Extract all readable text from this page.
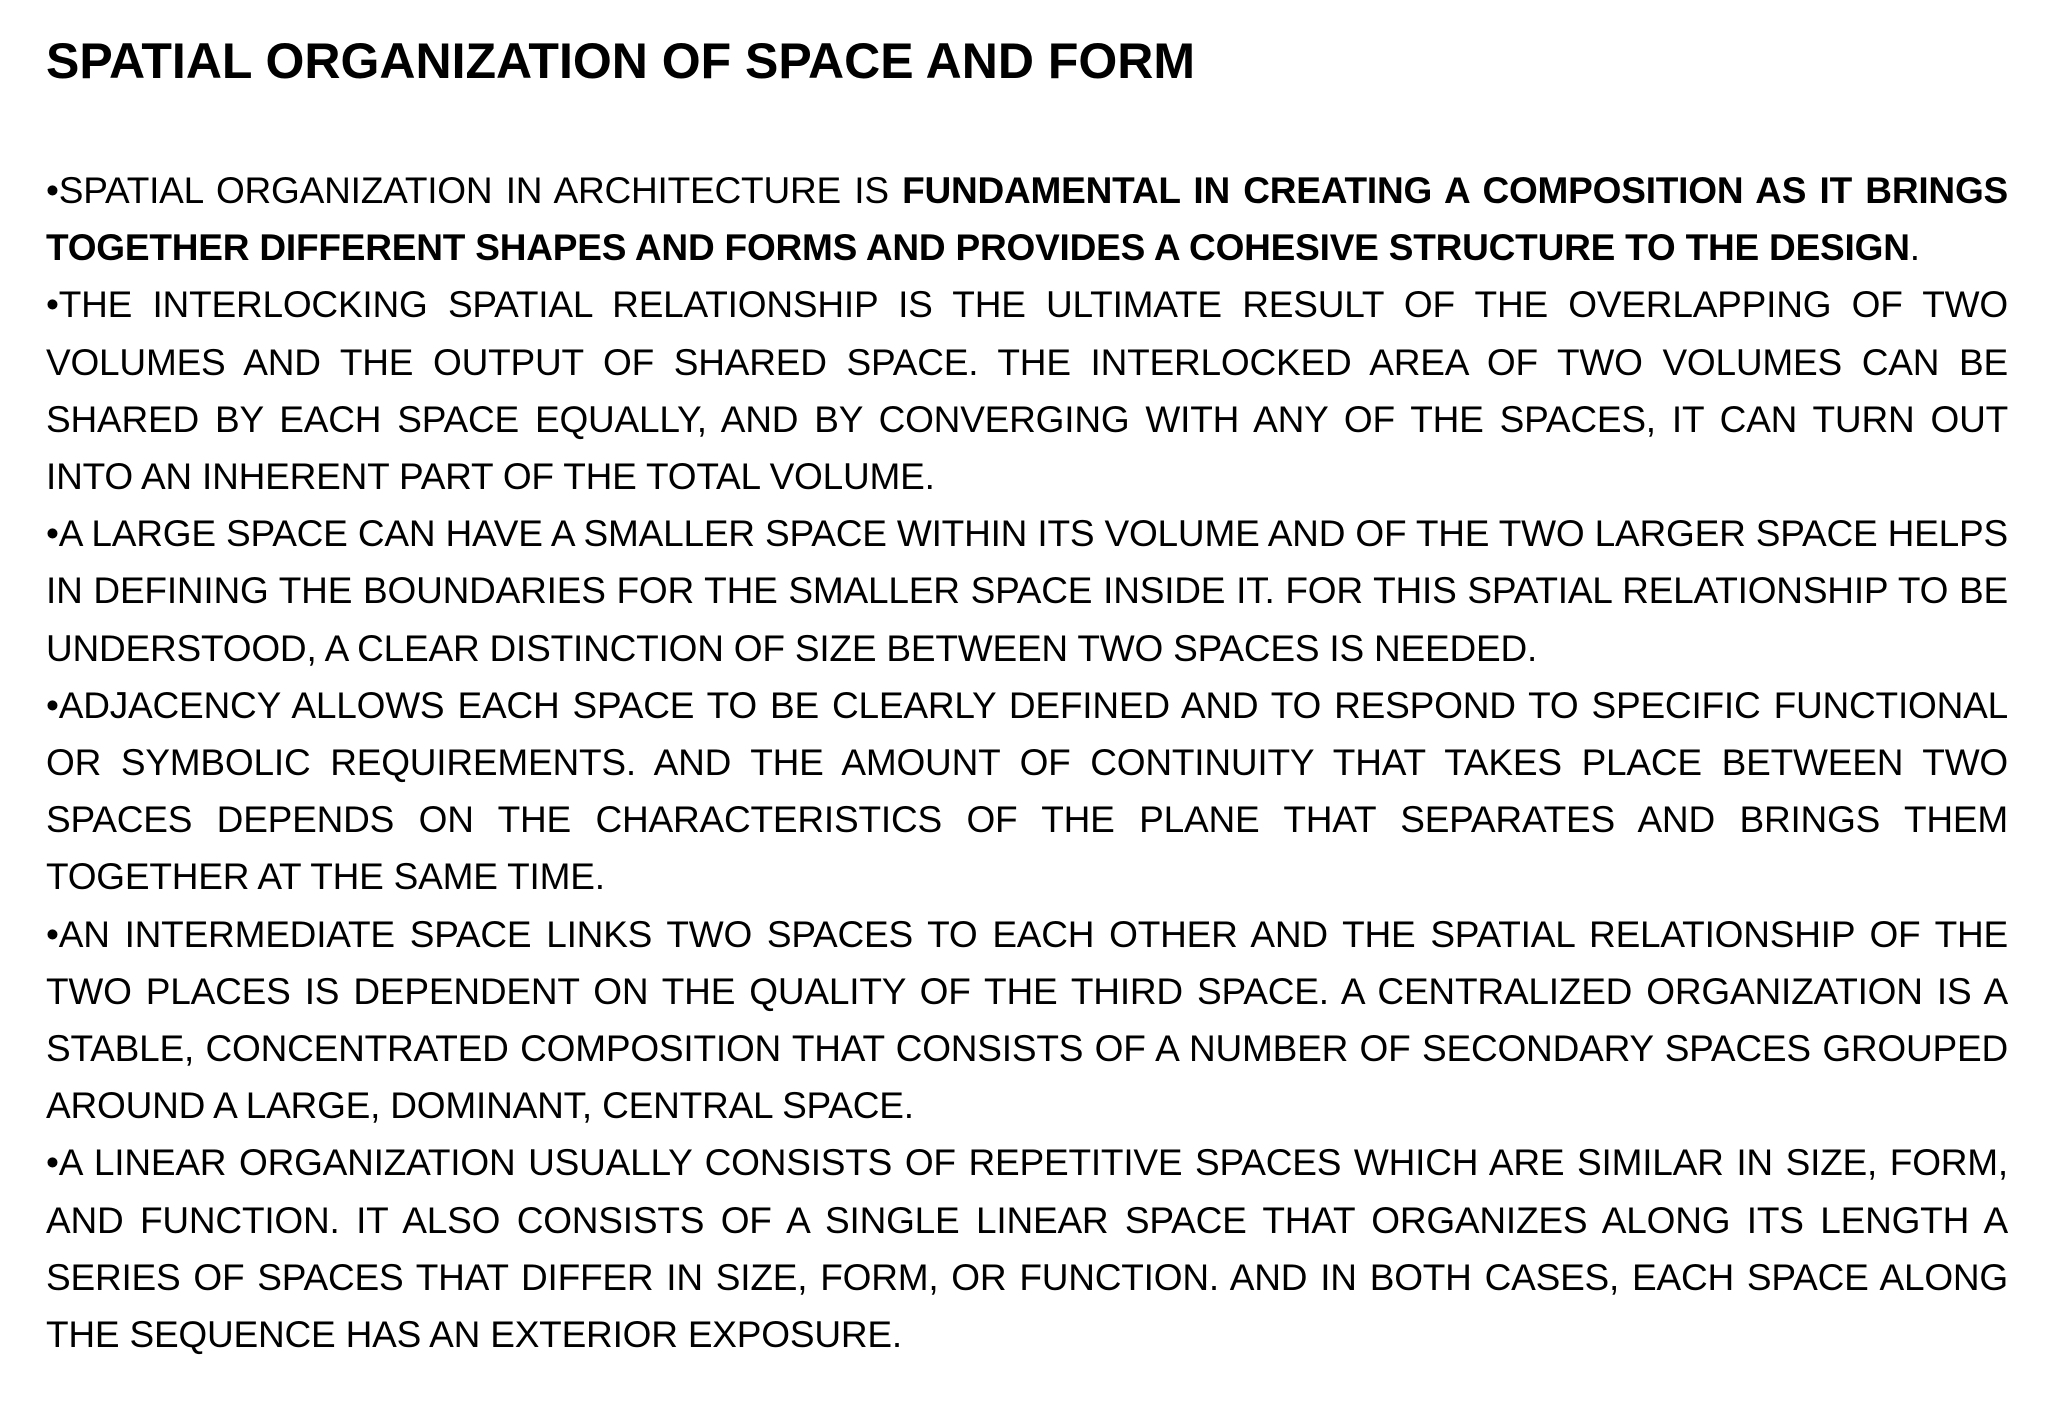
SPATIAL ORGANIZATION OF SPACE AND FORM

•SPATIAL ORGANIZATION IN ARCHITECTURE IS FUNDAMENTAL IN CREATING A COMPOSITION AS IT BRINGS TOGETHER DIFFERENT SHAPES AND FORMS AND PROVIDES A COHESIVE STRUCTURE TO THE DESIGN.

•THE INTERLOCKING SPATIAL RELATIONSHIP IS THE ULTIMATE RESULT OF THE OVERLAPPING OF TWO VOLUMES AND THE OUTPUT OF SHARED SPACE. THE INTERLOCKED AREA OF TWO VOLUMES CAN BE SHARED BY EACH SPACE EQUALLY, AND BY CONVERGING WITH ANY OF THE SPACES, IT CAN TURN OUT INTO AN INHERENT PART OF THE TOTAL VOLUME.

•A LARGE SPACE CAN HAVE A SMALLER SPACE WITHIN ITS VOLUME AND OF THE TWO LARGER SPACE HELPS IN DEFINING THE BOUNDARIES FOR THE SMALLER SPACE INSIDE IT. FOR THIS SPATIAL RELATIONSHIP TO BE UNDERSTOOD, A CLEAR DISTINCTION OF SIZE BETWEEN TWO SPACES IS NEEDED.

•ADJACENCY ALLOWS EACH SPACE TO BE CLEARLY DEFINED AND TO RESPOND TO SPECIFIC FUNCTIONAL OR SYMBOLIC REQUIREMENTS. AND THE AMOUNT OF CONTINUITY THAT TAKES PLACE BETWEEN TWO SPACES DEPENDS ON THE CHARACTERISTICS OF THE PLANE THAT SEPARATES AND BRINGS THEM TOGETHER AT THE SAME TIME.

•AN INTERMEDIATE SPACE LINKS TWO SPACES TO EACH OTHER AND THE SPATIAL RELATIONSHIP OF THE TWO PLACES IS DEPENDENT ON THE QUALITY OF THE THIRD SPACE. A CENTRALIZED ORGANIZATION IS A STABLE, CONCENTRATED COMPOSITION THAT CONSISTS OF A NUMBER OF SECONDARY SPACES GROUPED AROUND A LARGE, DOMINANT, CENTRAL SPACE.

•A LINEAR ORGANIZATION USUALLY CONSISTS OF REPETITIVE SPACES WHICH ARE SIMILAR IN SIZE, FORM, AND FUNCTION. IT ALSO CONSISTS OF A SINGLE LINEAR SPACE THAT ORGANIZES ALONG ITS LENGTH A SERIES OF SPACES THAT DIFFER IN SIZE, FORM, OR FUNCTION. AND IN BOTH CASES, EACH SPACE ALONG THE SEQUENCE HAS AN EXTERIOR EXPOSURE.
